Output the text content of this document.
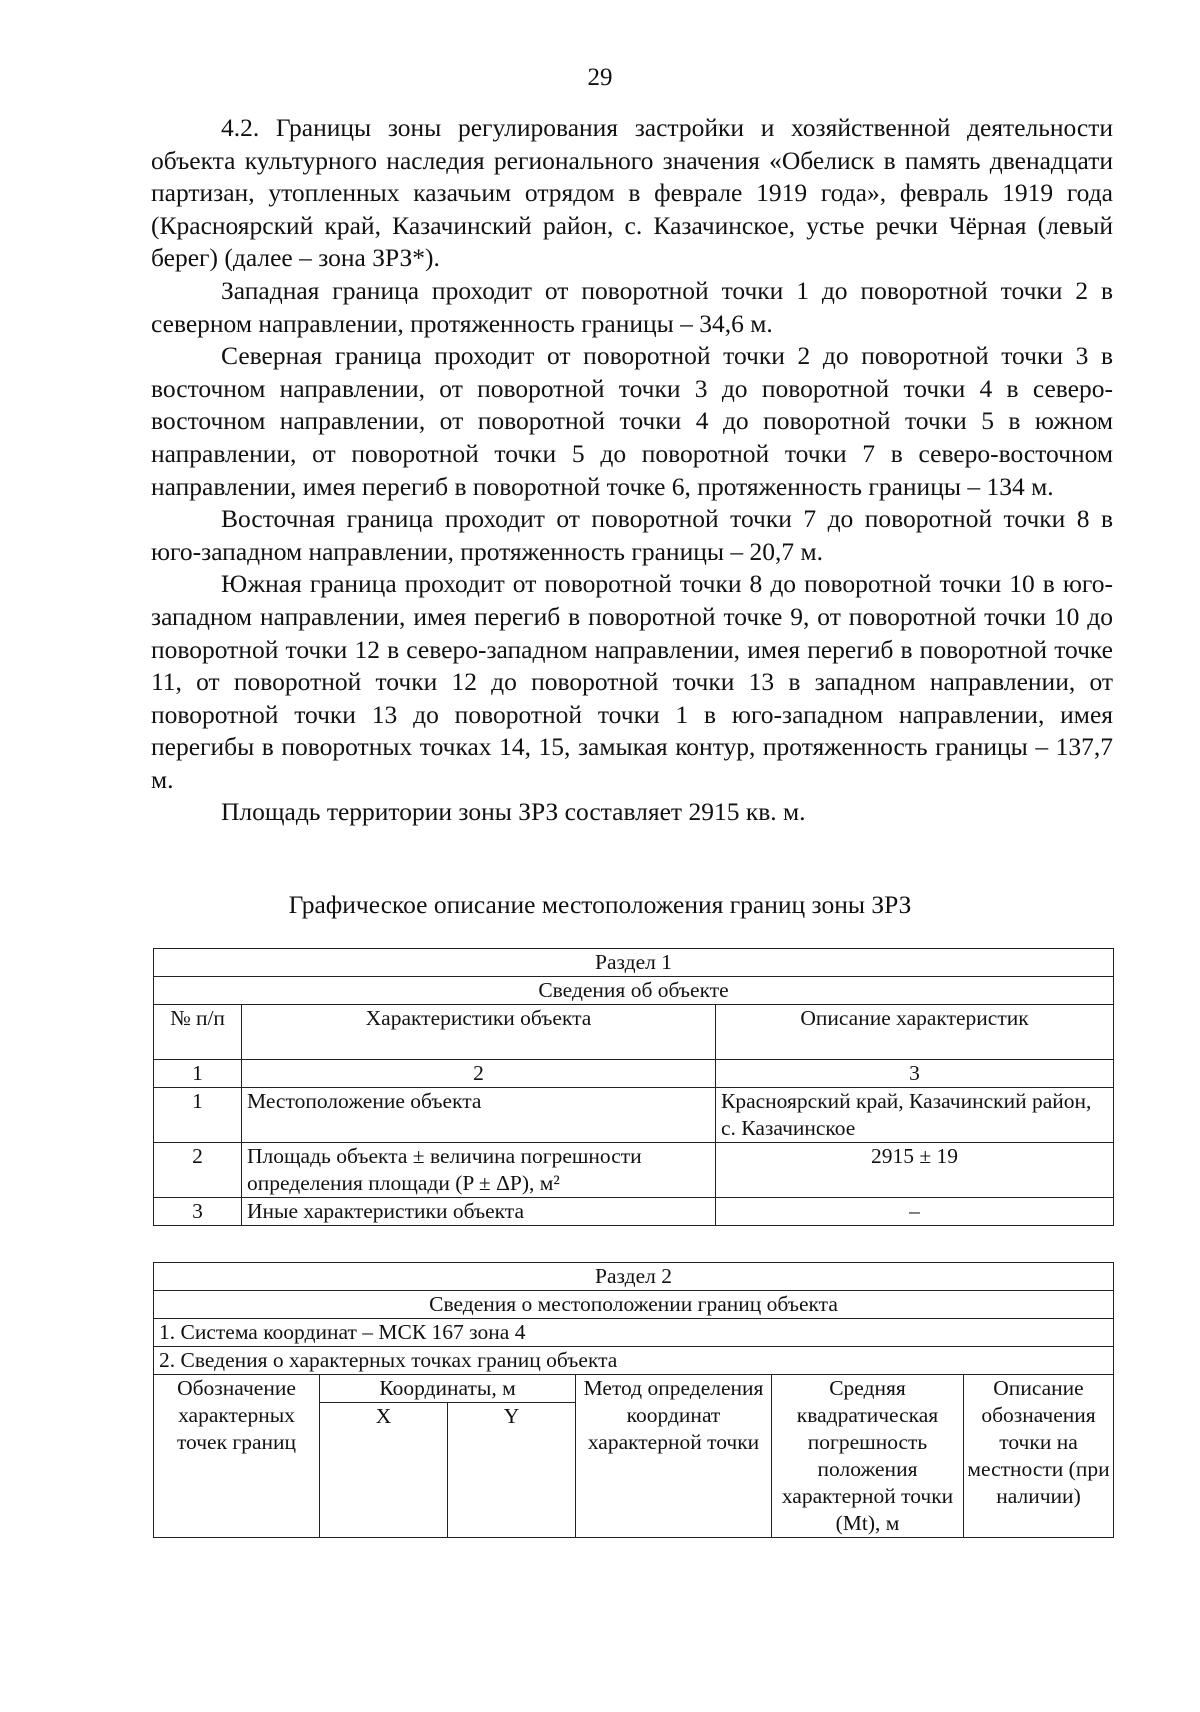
29

4.2. Границы зоны регулирования застройки и хозяйственной деятельности объекта культурного наследия регионального значения «Обелиск в память двенадцати партизан, утопленных казачьим отрядом в феврале 1919 года», февраль 1919 года (Красноярский край, Казачинский район, с. Казачинское, устье речки Чёрная (левый берег) (далее – зона ЗРЗ*).

Западная граница проходит от поворотной точки 1 до поворотной точки 2 в северном направлении, протяженность границы – 34,6 м.

Северная граница проходит от поворотной точки 2 до поворотной точки 3 в восточном направлении, от поворотной точки 3 до поворотной точки 4 в северо-восточном направлении, от поворотной точки 4 до поворотной точки 5 в южном направлении, от поворотной точки 5 до поворотной точки 7 в северо-восточном направлении, имея перегиб в поворотной точке 6, протяженность границы – 134 м.

Восточная граница проходит от поворотной точки 7 до поворотной точки 8 в юго-западном направлении, протяженность границы – 20,7 м.

Южная граница проходит от поворотной точки 8 до поворотной точки 10 в юго-западном направлении, имея перегиб в поворотной точке 9, от поворотной точки 10 до поворотной точки 12 в северо-западном направлении, имея перегиб в поворотной точке 11, от поворотной точки 12 до поворотной точки 13 в западном направлении, от поворотной точки 13 до поворотной точки 1 в юго-западном направлении, имея перегибы в поворотных точках 14, 15, замыкая контур, протяженность границы – 137,7 м.

Площадь территории зоны ЗРЗ составляет 2915 кв. м.

Графическое описание местоположения границ зоны ЗРЗ
Раздел 1		
Сведения об объекте		
№ п/п	Характеристики объекта	Описание характеристик
1	2	3
1	Местоположение объекта	Красноярский край, Казачинский район, с. Казачинское
2	Площадь объекта ± величина погрешности определения площади (P ± ΔP), м²	2915 ± 19
3	Иные характеристики объекта	–
Раздел 2					
Сведения о местоположении границ объекта					
1. Система координат – МСК 167 зона 4					
2. Сведения о характерных точках границ объекта					
Обозначение характерных точек границ	Координаты, м		Метод определения координат характерной точки	Средняя квадратическая погрешность положения характерной точки (Mt), м	Описание обозначения точки на местности (при наличии)
	X	Y			
